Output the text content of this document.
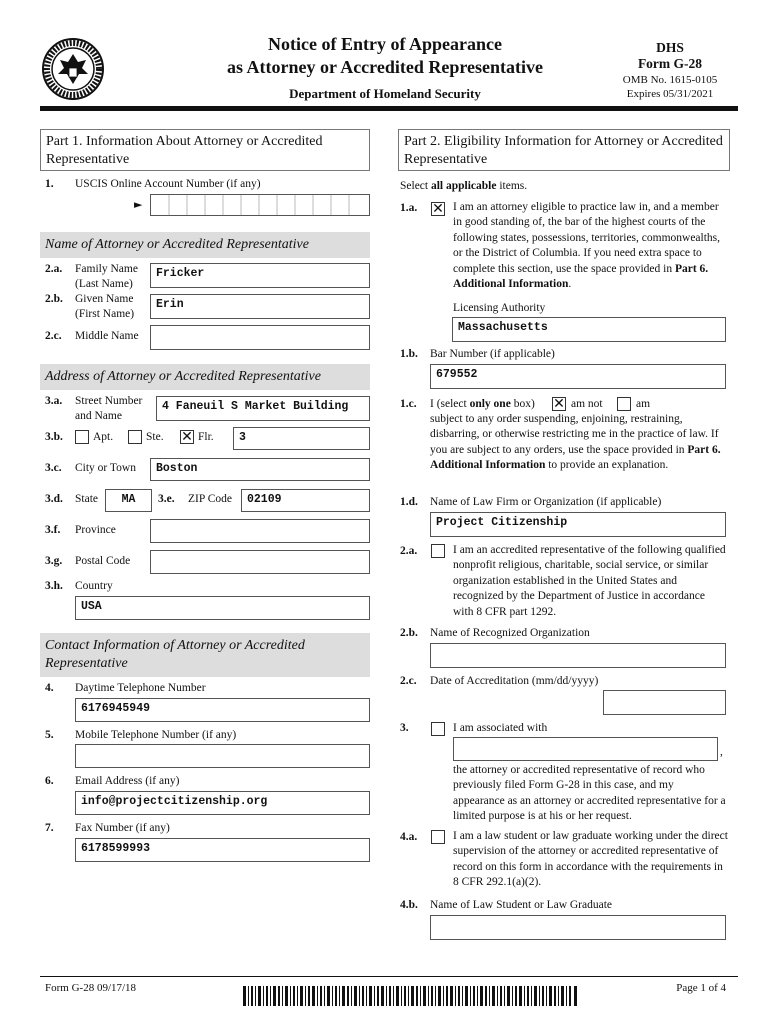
Notice of Entry of Appearance
as Attorney or Accredited Representative
Department of Homeland Security
DHS
Form G-28
OMB No. 1615-0105
Expires 05/31/2021
Part 1. Information About Attorney or Accredited Representative
1. USCIS Online Account Number (if any)
►
Name of Attorney or Accredited Representative
2.a. Family Name (Last Name)
Fricker
2.b. Given Name (First Name)
Erin
2.c. Middle Name
Address of Attorney or Accredited Representative
3.a. Street Number and Name
4 Faneuil S Market Building
3.b.	Apt.	Ste. ✕ Flr.	3
3.c. City or Town	Boston
3.d. State	MA	3.e. ZIP Code	02109
3.f. Province
3.g. Postal Code
3.h. Country
USA
Contact Information of Attorney or Accredited Representative
4. Daytime Telephone Number
6176945949
5. Mobile Telephone Number (if any)
6. Email Address (if any)
info@projectcitizenship.org
7. Fax Number (if any)
6178599993
Part 2. Eligibility Information for Attorney or Accredited Representative
Select all applicable items.
1.a. ✕ I am an attorney eligible to practice law in, and a member in good standing of, the bar of the highest courts of the following states, possessions, territories, commonwealths, or the District of Columbia. If you need extra space to complete this section, use the space provided in Part 6. Additional Information.
Licensing Authority
Massachusetts
1.b. Bar Number (if applicable)
679552
1.c. I (select only one box) ✕ am not	am
subject to any order suspending, enjoining, restraining, disbarring, or otherwise restricting me in the practice of law. If you are subject to any orders, use the space provided in Part 6. Additional Information to provide an explanation.
1.d. Name of Law Firm or Organization (if applicable)
Project Citizenship
2.a.	I am an accredited representative of the following qualified nonprofit religious, charitable, social service, or similar organization established in the United States and recognized by the Department of Justice in accordance with 8 CFR part 1292.
2.b. Name of Recognized Organization
2.c. Date of Accreditation (mm/dd/yyyy)
3.	I am associated with
,
the attorney or accredited representative of record who previously filed Form G-28 in this case, and my appearance as an attorney or accredited representative for a limited purpose is at his or her request.
4.a.	I am a law student or law graduate working under the direct supervision of the attorney or accredited representative of record on this form in accordance with the requirements in 8 CFR 292.1(a)(2).
4.b. Name of Law Student or Law Graduate
Form G-28 09/17/18	Page 1 of 4
